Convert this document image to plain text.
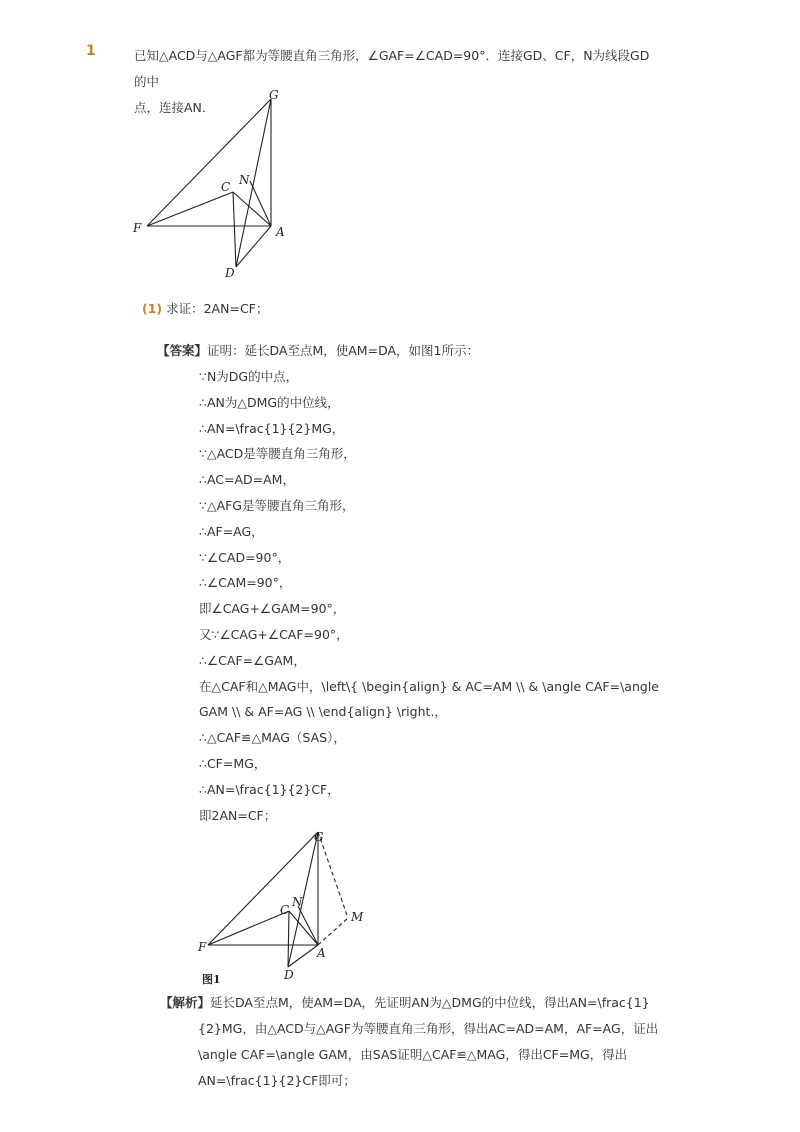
1	已知△ACD与△AGF都为等腰直角三角形，∠GAF=∠CAD=90°．连接GD、CF，N为线段GD的中
点，连接AN．
G
N
C
F	A
D
(1) 求证：2AN=CF；
【答案】证明：延长DA至点M，使AM=DA，如图1所示：
∵N为DG的中点，
∴AN为△DMG的中位线，
∴AN=\frac{1}{2}MG，
∵△ACD是等腰直角三角形，
∴AC=AD=AM，
∵△AFG是等腰直角三角形，
∴AF=AG，
∵∠CAD=90°，
∴∠CAM=90°，
即∠CAG+∠GAM=90°，
又∵∠CAG+∠CAF=90°，
∴∠CAF=∠GAM，
在△CAF和△MAG中，\left\{ \begin{align} & AC=AM \\ & \angle CAF=\angle
GAM \\ & AF=AG \\ \end{align} \right.，
∴△CAF≌△MAG（SAS），
∴CF=MG，
∴AN=\frac{1}{2}CF，
即2AN=CF；
G
N
C	M
F	A
D
图1
【解析】延长DA至点M，使AM=DA，先证明AN为△DMG的中位线，得出AN=\frac{1}
{2}MG，由△ACD与△AGF为等腰直角三角形，得出AC=AD=AM，AF=AG，证出
\angle CAF=\angle GAM，由SAS证明△CAF≌△MAG，得出CF=MG，得出
AN=\frac{1}{2}CF即可；
